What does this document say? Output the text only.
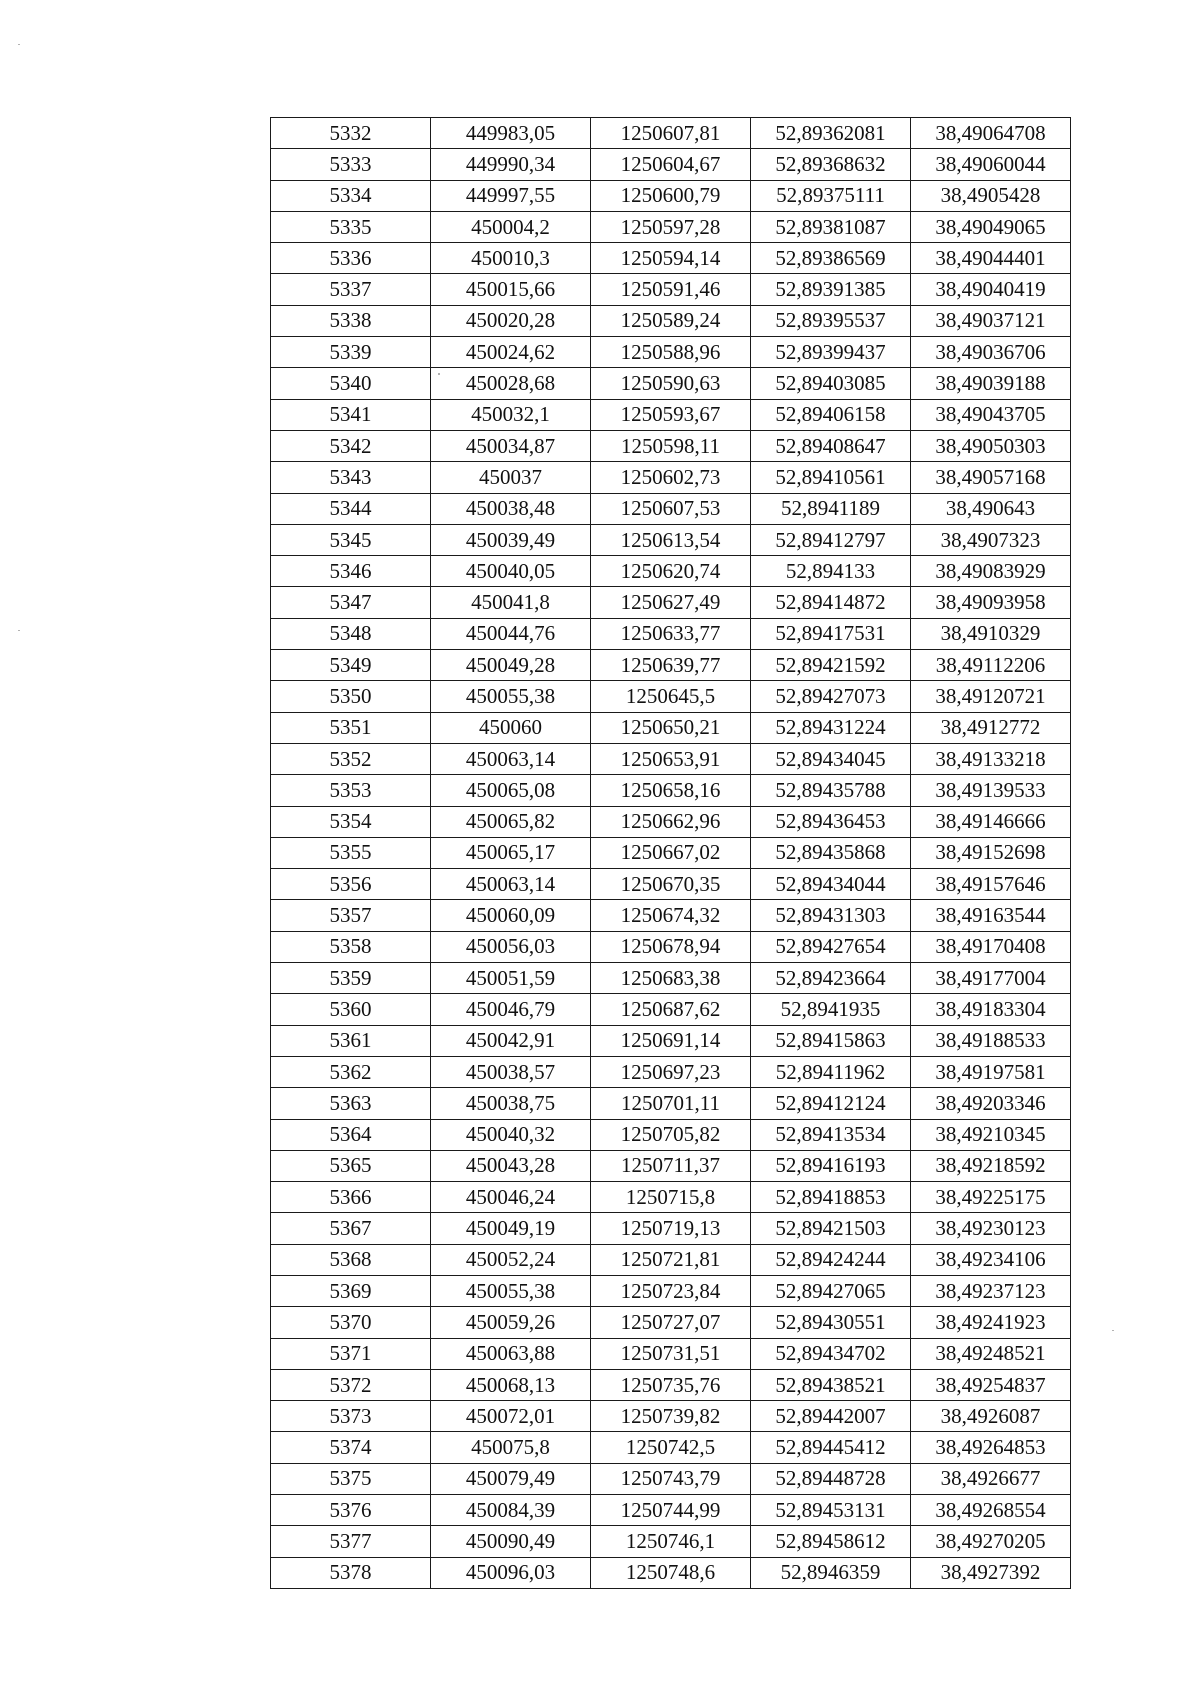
5332	449983,05	1250607,81	52,89362081	38,49064708
5333	449990,34	1250604,67	52,89368632	38,49060044
5334	449997,55	1250600,79	52,89375111	38,4905428
5335	450004,2	1250597,28	52,89381087	38,49049065
5336	450010,3	1250594,14	52,89386569	38,49044401
5337	450015,66	1250591,46	52,89391385	38,49040419
5338	450020,28	1250589,24	52,89395537	38,49037121
5339	450024,62	1250588,96	52,89399437	38,49036706
5340	450028,68	1250590,63	52,89403085	38,49039188
5341	450032,1	1250593,67	52,89406158	38,49043705
5342	450034,87	1250598,11	52,89408647	38,49050303
5343	450037	1250602,73	52,89410561	38,49057168
5344	450038,48	1250607,53	52,8941189	38,490643
5345	450039,49	1250613,54	52,89412797	38,4907323
5346	450040,05	1250620,74	52,894133	38,49083929
5347	450041,8	1250627,49	52,89414872	38,49093958
5348	450044,76	1250633,77	52,89417531	38,4910329
5349	450049,28	1250639,77	52,89421592	38,49112206
5350	450055,38	1250645,5	52,89427073	38,49120721
5351	450060	1250650,21	52,89431224	38,4912772
5352	450063,14	1250653,91	52,89434045	38,49133218
5353	450065,08	1250658,16	52,89435788	38,49139533
5354	450065,82	1250662,96	52,89436453	38,49146666
5355	450065,17	1250667,02	52,89435868	38,49152698
5356	450063,14	1250670,35	52,89434044	38,49157646
5357	450060,09	1250674,32	52,89431303	38,49163544
5358	450056,03	1250678,94	52,89427654	38,49170408
5359	450051,59	1250683,38	52,89423664	38,49177004
5360	450046,79	1250687,62	52,8941935	38,49183304
5361	450042,91	1250691,14	52,89415863	38,49188533
5362	450038,57	1250697,23	52,89411962	38,49197581
5363	450038,75	1250701,11	52,89412124	38,49203346
5364	450040,32	1250705,82	52,89413534	38,49210345
5365	450043,28	1250711,37	52,89416193	38,49218592
5366	450046,24	1250715,8	52,89418853	38,49225175
5367	450049,19	1250719,13	52,89421503	38,49230123
5368	450052,24	1250721,81	52,89424244	38,49234106
5369	450055,38	1250723,84	52,89427065	38,49237123
5370	450059,26	1250727,07	52,89430551	38,49241923
5371	450063,88	1250731,51	52,89434702	38,49248521
5372	450068,13	1250735,76	52,89438521	38,49254837
5373	450072,01	1250739,82	52,89442007	38,4926087
5374	450075,8	1250742,5	52,89445412	38,49264853
5375	450079,49	1250743,79	52,89448728	38,4926677
5376	450084,39	1250744,99	52,89453131	38,49268554
5377	450090,49	1250746,1	52,89458612	38,49270205
5378	450096,03	1250748,6	52,8946359	38,4927392
